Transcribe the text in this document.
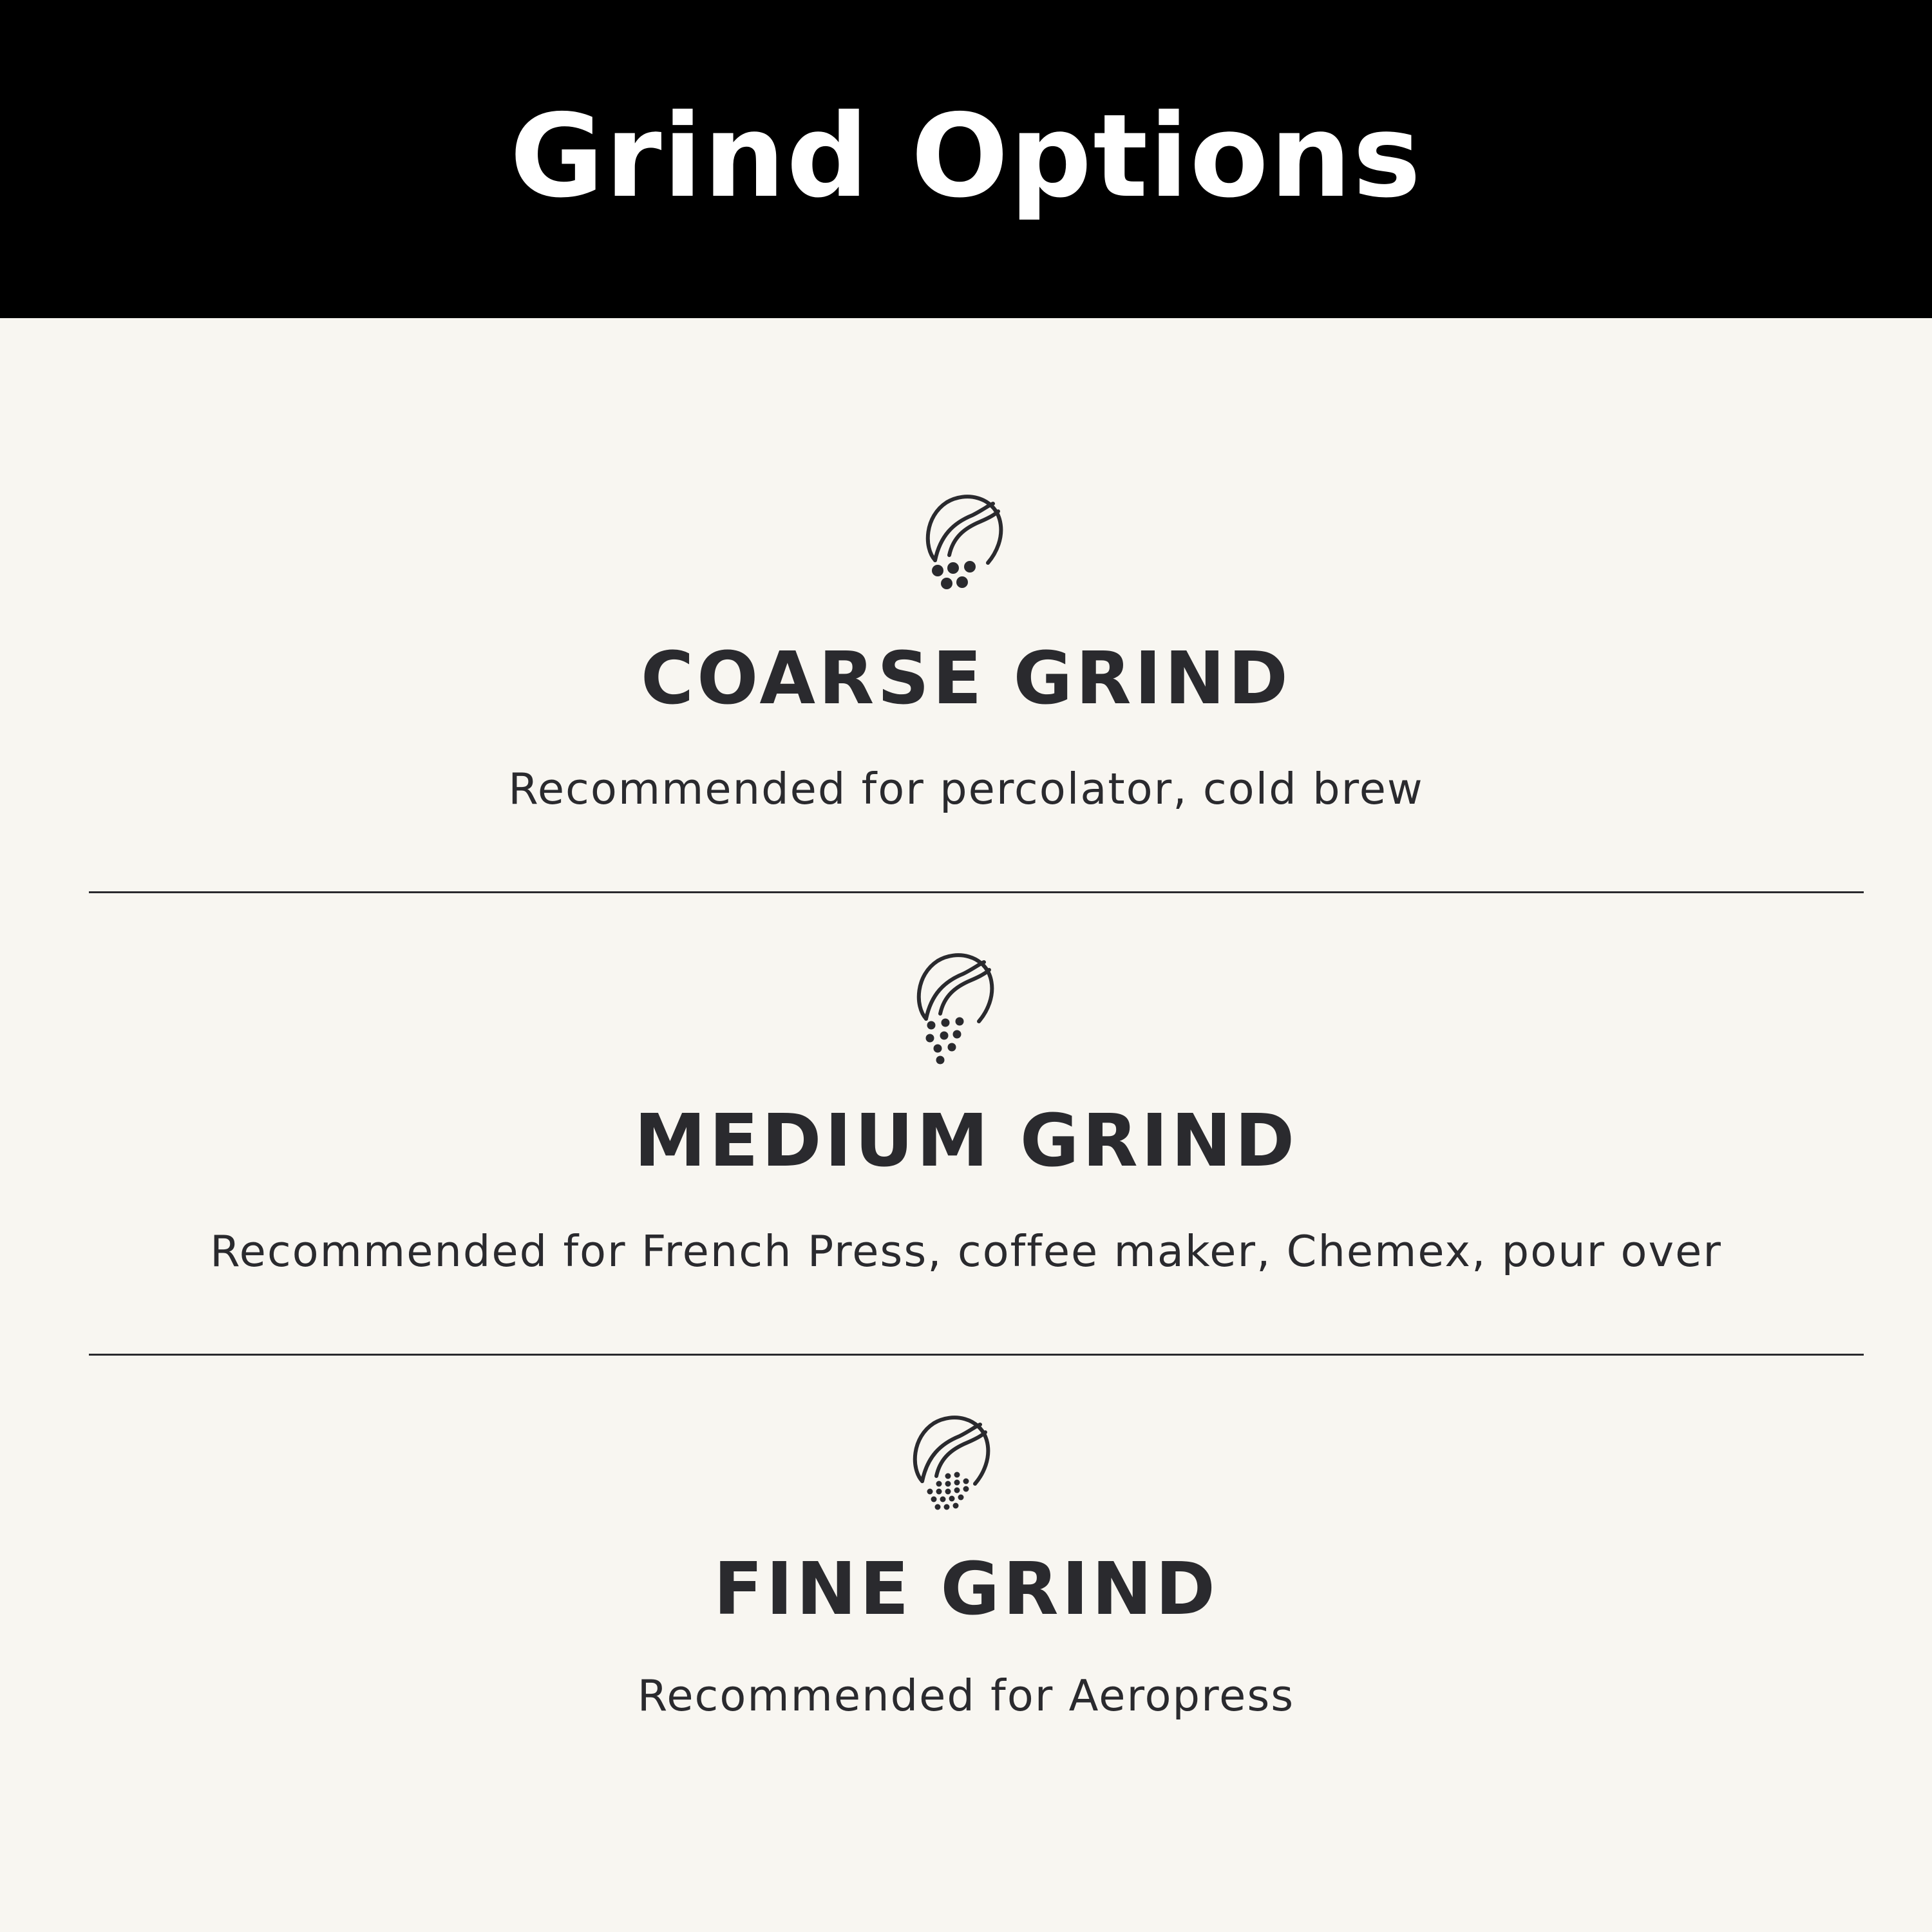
Grind Options
COARSE GRIND
Recommended for percolator, cold brew
MEDIUM GRIND
Recommended for French Press, coffee maker, Chemex, pour over
FINE GRIND
Recommended for Aeropress
